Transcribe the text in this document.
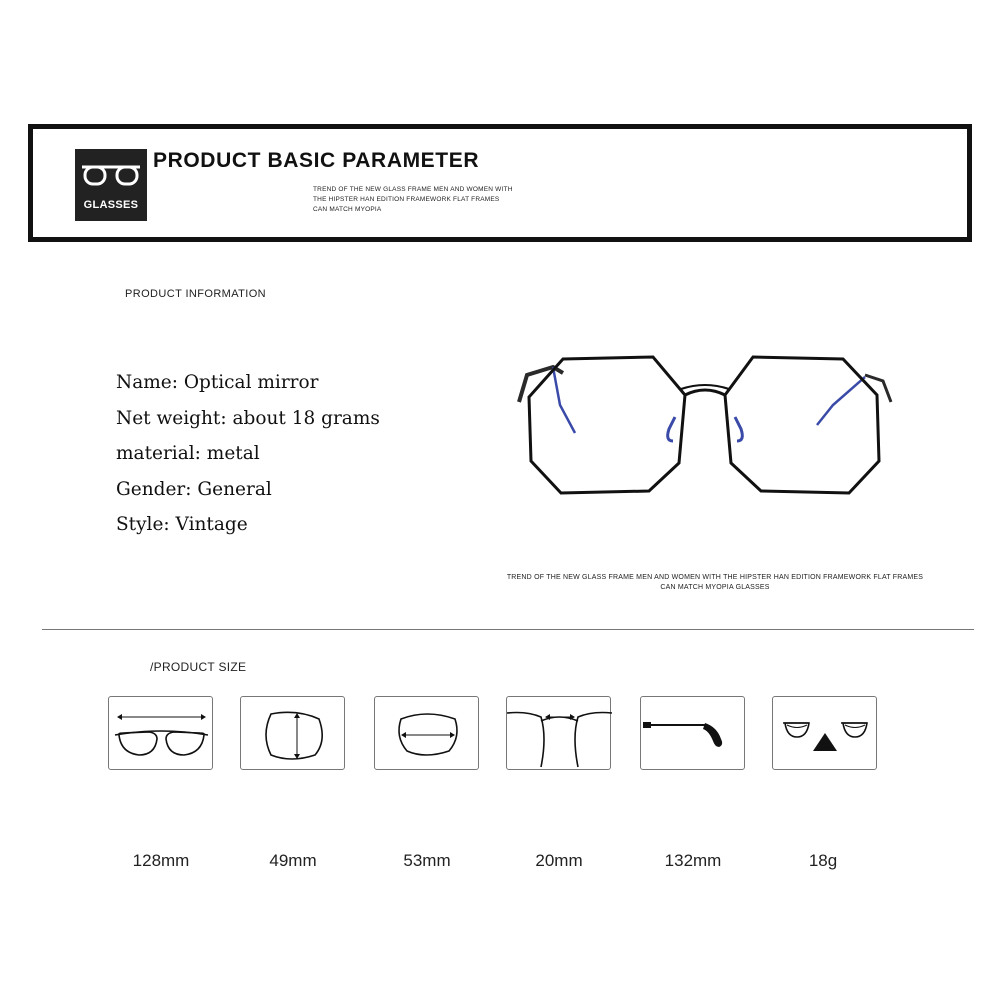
GLASSES
PRODUCT BASIC PARAMETER
TREND OF THE NEW GLASS FRAME MEN AND WOMEN WITH THE HIPSTER HAN EDITION FRAMEWORK FLAT FRAMES CAN MATCH MYOPIA
PRODUCT INFORMATION
Name: Optical mirror
Net weight: about 18 grams
material: metal
Gender: General
Style: Vintage
TREND OF THE NEW GLASS FRAME MEN AND WOMEN WITH THE HIPSTER HAN EDITION FRAMEWORK FLAT FRAMES CAN MATCH MYOPIA GLASSES
/PRODUCT SIZE
128mm	49mm	53mm	20mm	132mm	18g
